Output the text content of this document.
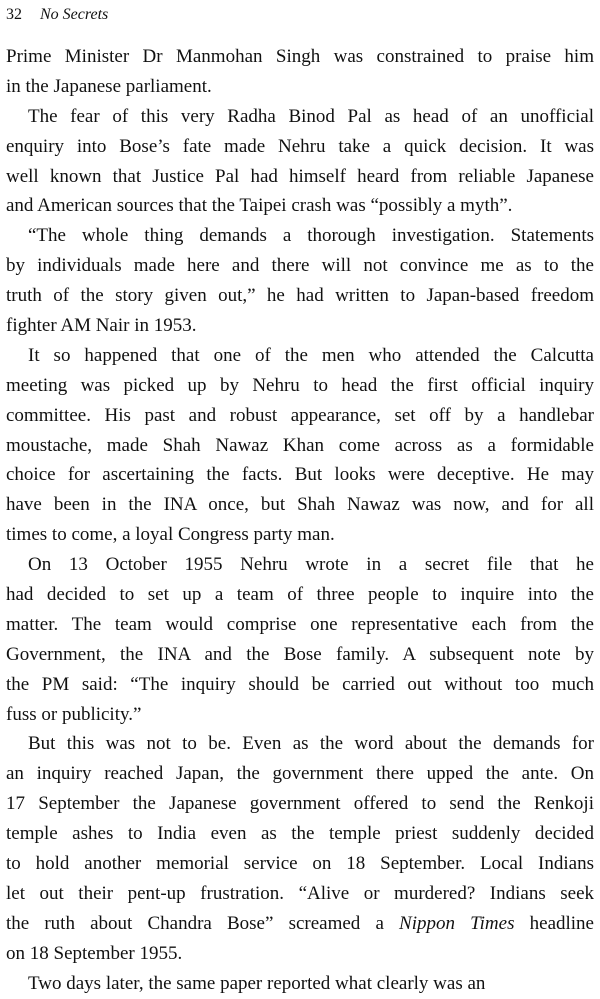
32 No Secrets
Prime Minister Dr Manmohan Singh was constrained to praise him
in the Japanese parliament.
The fear of this very Radha Binod Pal as head of an unofficial
enquiry into Bose’s fate made Nehru take a quick decision. It was
well known that Justice Pal had himself heard from reliable Japanese
and American sources that the Taipei crash was “possibly a myth”.
“The whole thing demands a thorough investigation. Statements
by individuals made here and there will not convince me as to the
truth of the story given out,” he had written to Japan-based freedom
fighter AM Nair in 1953.
It so happened that one of the men who attended the Calcutta
meeting was picked up by Nehru to head the first official inquiry
committee. His past and robust appearance, set off by a handlebar
moustache, made Shah Nawaz Khan come across as a formidable
choice for ascertaining the facts. But looks were deceptive. He may
have been in the INA once, but Shah Nawaz was now, and for all
times to come, a loyal Congress party man.
On 13 October 1955 Nehru wrote in a secret file that he
had decided to set up a team of three people to inquire into the
matter. The team would comprise one representative each from the
Government, the INA and the Bose family. A subsequent note by
the PM said: “The inquiry should be carried out without too much
fuss or publicity.”
But this was not to be. Even as the word about the demands for
an inquiry reached Japan, the government there upped the ante. On
17 September the Japanese government offered to send the Renkoji
temple ashes to India even as the temple priest suddenly decided
to hold another memorial service on 18 September. Local Indians
let out their pent-up frustration. “Alive or murdered? Indians seek
the ruth about Chandra Bose” screamed a Nippon Times headline
on 18 September 1955.
Two days later, the same paper reported what clearly was an
